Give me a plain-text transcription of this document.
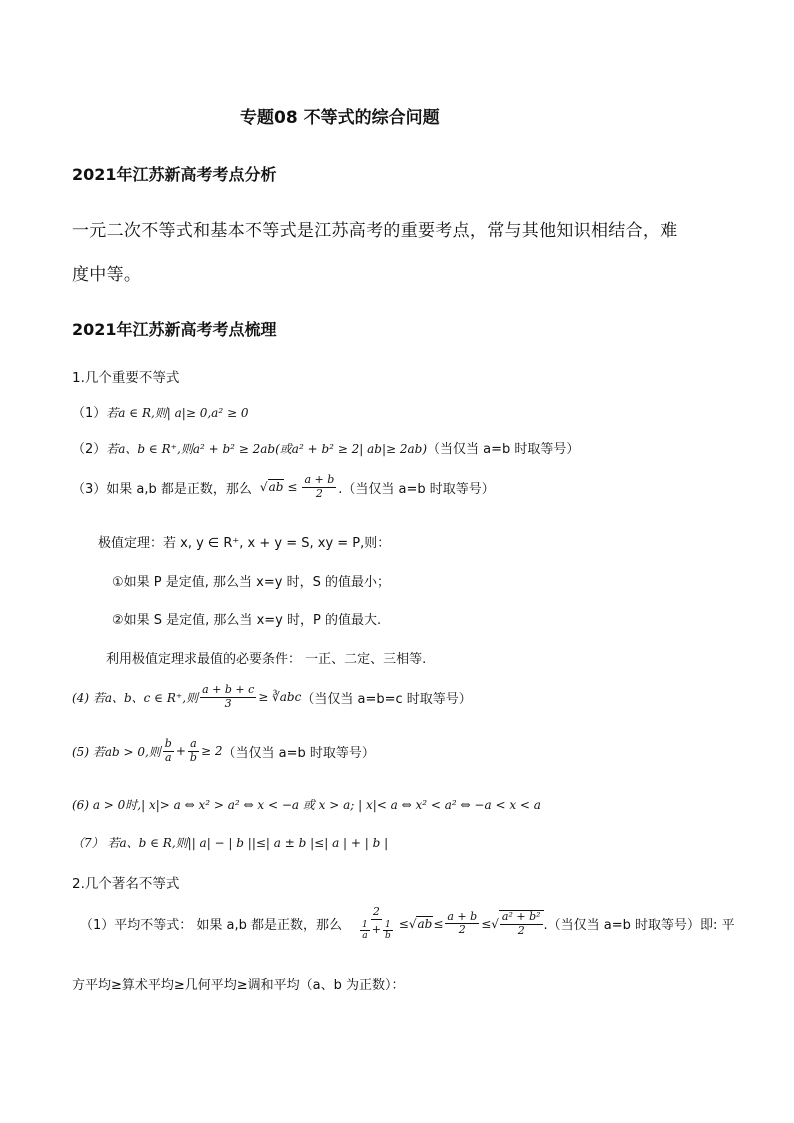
专题08 不等式的综合问题
2021年江苏新高考考点分析
一元二次不等式和基本不等式是江苏高考的重要考点，常与其他知识相结合，难
度中等。
2021年江苏新高考考点梳理
1.几个重要不等式
（1）若a ∈ R,则| a|≥ 0,a² ≥ 0
（2）若a、b ∈ R⁺,则a² + b² ≥ 2ab(或a² + b² ≥ 2| ab|≥ 2ab)（当仅当 a=b 时取等号）
（3） 如果 a,b 都是正数，那么 $√ab \le \frac{a + b}{2}$ .（当仅当 a=b 时取等号）
极值定理：若 x, y ∈ R⁺, x + y = S, xy = P,则：
①如果 P 是定值, 那么当 x=y 时，S 的值最小；
②如果 S 是定值, 那么当 x=y 时，P 的值最大.
利用极值定理求最值的必要条件： 一正、二定、三相等.
(4) 若a、b、c ∈ R⁺,则 $\frac{a + b + c}{3}$ ≥ ∛abc （当仅当 a=b=c 时取等号）
(5) 若ab > 0,则 $\frac{b}{a} + \frac{a}{b} \ge 2$ （当仅当 a=b 时取等号）
(6) a > 0时,| x|> a ⇔ x² > a² ⇔ x < −a 或 x > a; | x|< a ⇔ x² < a² ⇔ −a < x < a
（7） 若a、b ∈ R,则|| a| − | b ||≤| a ± b |≤| a | + | b |
2.几个著名不等式
（1）平均不等式： 如果 a,b 都是正数，那么 $\frac{2}{\frac{1}{a} + \frac{1}{b}} \le √ab \le \frac{a + b}{2}$ ≤ √ $\frac{\text{a² + b²}}{2}$ .（当仅当 a=b 时取等号）即: 平
方平均≥算术平均≥几何平均≥调和平均（a、b 为正数）：
